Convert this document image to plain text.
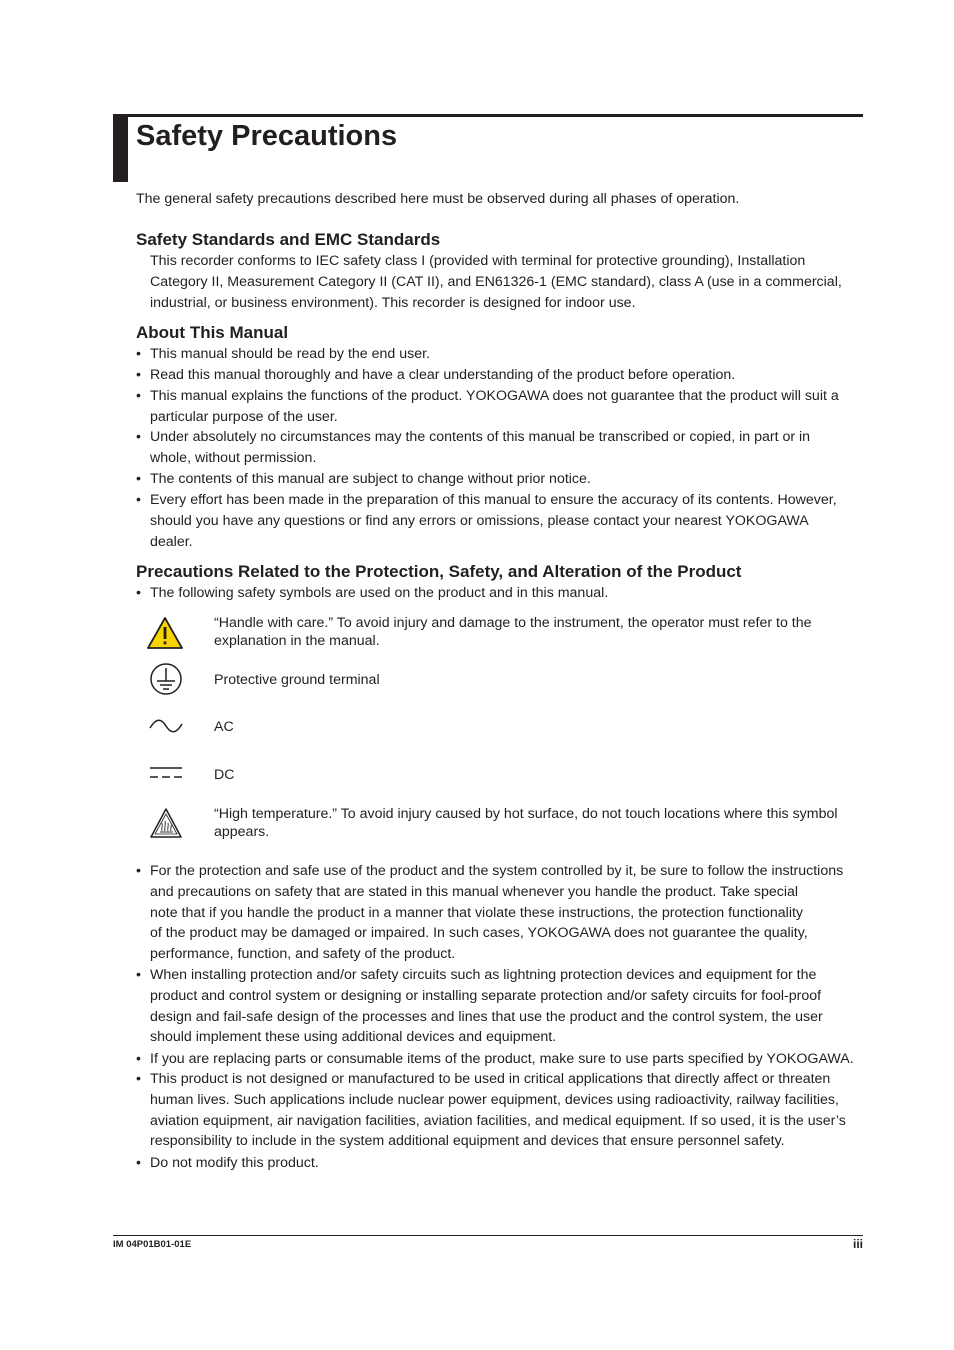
Safety Precautions
The general safety precautions described here must be observed during all phases of operation.
Safety Standards and EMC Standards
This recorder conforms to IEC safety class I (provided with terminal for protective grounding), Installation
Category II, Measurement Category II (CAT II), and EN61326-1 (EMC standard), class A (use in a commercial,
industrial, or business environment). This recorder is designed for indoor use.
About This Manual
• This manual should be read by the end user.
• Read this manual thoroughly and have a clear understanding of the product before operation.
• This manual explains the functions of the product. YOKOGAWA does not guarantee that the product will suit a
particular purpose of the user.
• Under absolutely no circumstances may the contents of this manual be transcribed or copied, in part or in
whole, without permission.
• The contents of this manual are subject to change without prior notice.
• Every effort has been made in the preparation of this manual to ensure the accuracy of its contents. However,
should you have any questions or find any errors or omissions, please contact your nearest YOKOGAWA
dealer.
Precautions Related to the Protection, Safety, and Alteration of the Product
• The following safety symbols are used on the product and in this manual.
“Handle with care.” To avoid injury and damage to the instrument, the operator must refer to the
explanation in the manual.
Protective ground terminal
AC
DC
“High temperature.” To avoid injury caused by hot surface, do not touch locations where this symbol
appears.
• For the protection and safe use of the product and the system controlled by it, be sure to follow the instructions
and precautions on safety that are stated in this manual whenever you handle the product. Take special
note that if you handle the product in a manner that violate these instructions, the protection functionality
of the product may be damaged or impaired. In such cases, YOKOGAWA does not guarantee the quality,
performance, function, and safety of the product.
• When installing protection and/or safety circuits such as lightning protection devices and equipment for the
product and control system or designing or installing separate protection and/or safety circuits for fool-proof
design and fail-safe design of the processes and lines that use the product and the control system, the user
should implement these using additional devices and equipment.
• If you are replacing parts or consumable items of the product, make sure to use parts specified by YOKOGAWA.
• This product is not designed or manufactured to be used in critical applications that directly affect or threaten
human lives. Such applications include nuclear power equipment, devices using radioactivity, railway facilities,
aviation equipment, air navigation facilities, aviation facilities, and medical equipment. If so used, it is the user’s
responsibility to include in the system additional equipment and devices that ensure personnel safety.
• Do not modify this product.
IM 04P01B01-01E	iii
